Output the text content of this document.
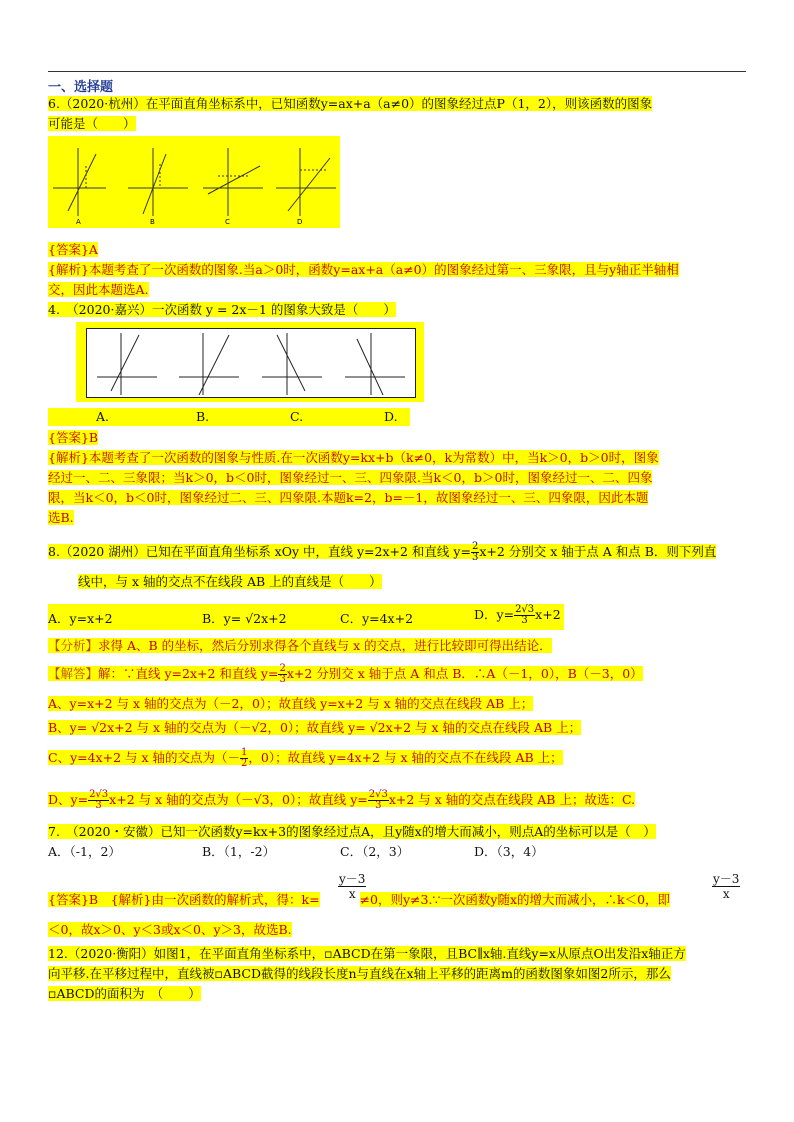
一、选择题
6.（2020·杭州）在平面直角坐标系中，已知函数y=ax+a（a≠0）的图象经过点P（1，2），则该函数的图象
可能是（　　）
A	B	C	D
{答案}A
{解析}本题考查了一次函数的图象.当a＞0时，函数y=ax+a（a≠0）的图象经过第一、三象限，且与y轴正半轴相
交，因此本题选A.
4.　（2020·嘉兴）一次函数 y = 2x－1 的图象大致是（　　）
A.	B.	C.	D.
{答案}B
{解析}本题考查了一次函数的图象与性质.在一次函数y=kx+b（k≠0，k为常数）中，当k＞0，b＞0时，图象
经过一、二、三象限；当k＞0，b＜0时，图象经过一、三、四象限.当k＜0，b＞0时，图象经过一、二、四象
限，当k＜0，b＜0时，图象经过二、三、四象限.本题k=2，b=－1，故图象经过一、三、四象限，因此本题
选B.
8.（2020 湖州）已知在平面直角坐标系 xOy 中，直线 y=2x+2 和直线 $y= \frac{2}{3} x+2$ 分别交 x 轴于点 A 和点 B．则下列直
线中，与 x 轴的交点不在线段 AB 上的直线是（　　）
A．y=x+2	B．y= √2x+2	C．y=4x+2	D．$y= \frac{2√3}{3} x+2$
【分析】求得 A、B 的坐标，然后分别求得各个直线与 x 的交点，进行比较即可得出结论．
【解答】解：∵直线 y=2x+2 和直线 $y= \frac{2}{3} x+2$ 分别交 x 轴于点 A 和点 B．∴A（－1，0），B（－3，0）
A、y=x+2 与 x 轴的交点为（－2，0）；故直线 y=x+2 与 x 轴的交点在线段 AB 上；
B、y= √2x+2 与 x 轴的交点为（－√2，0）；故直线 y= √2x+2 与 x 轴的交点在线段 AB 上；
C、y=4x+2 与 x 轴的交点为（－ $\frac{1}{2}$ ，0）；故直线 y=4x+2 与 x 轴的交点不在线段 AB 上；
D、$y= \frac{2√3}{3} x+2$ 与 x 轴的交点为（－√3，0）；故直线 $y= \frac{2√3}{3} x+2$ 与 x 轴的交点在线段 AB 上；故选：C.
7.　（2020・安徽）已知一次函数y=kx+3的图象经过点A，且y随x的增大而减小，则点A的坐标可以是（　）
A．（-1，2）	B．（1，-2）	C．（2，3）	D．（3，4）
$\frac{y-3}{x}$	$\frac{y-3}{x}$
{答案}B　{解析}由一次函数的解析式，得：k=	≠0，则y≠3.∵一次函数y随x的增大而减小，∴k＜0，即
＜0，故x＞0、y＜3或x＜0、y＞3，故选B.
12.（2020·衡阳）如图1，在平面直角坐标系中，▫ABCD在第一象限，且BC∥x轴.直线y=x从原点O出发沿x轴正方
向平移.在平移过程中，直线被▫ABCD截得的线段长度n与直线在x轴上平移的距离m的函数图象如图2所示，那么
▫ABCD的面积为　（　　）
